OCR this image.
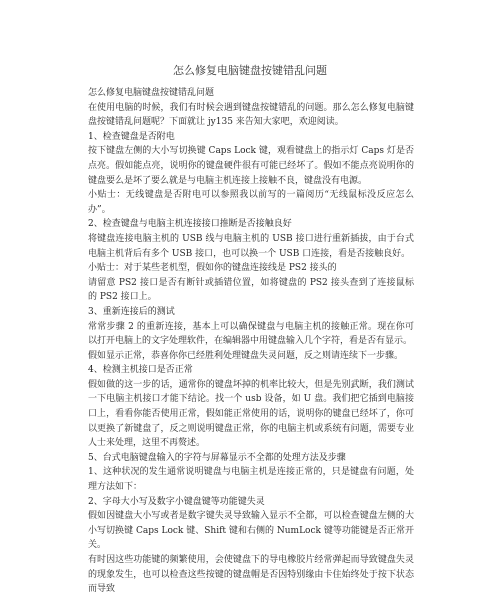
怎么修复电脑键盘按键错乱问题

怎么修复电脑键盘按键错乱问题

在使用电脑的时候，我们有时候会遇到键盘按键错乱的问题。那么怎么修复电脑键盘按键错乱问题呢？下面就让 jy135 来告知大家吧，欢迎阅读。

1、检查键盘是否附电

按下键盘左侧的大小写切换键 Caps Lock 键，观看键盘上的指示灯 Caps 灯是否点亮。假如能点亮，说明你的键盘硬件很有可能已经坏了。假如不能点亮说明你的键盘要么是坏了要么就是与电脑主机连接上接触不良，键盘没有电源。

小贴士：无线键盘是否附电可以参照我以前写的一篇阅历“无线鼠标没反应怎么办”。

2、检查键盘与电脑主机连接接口推断是否接触良好

将键盘连接电脑主机的 USB 线与电脑主机的 USB 接口进行重新插拔，由于台式电脑主机背后有多个 USB 接口，也可以换一个 USB 口连接，看是否接触良好。

小贴士：对于某些老机型，假如你的键盘连接线是 PS2 接头的

请留意 PS2 接口是否有断针或插错位置，如将键盘的 PS2 接头查到了连接鼠标的 PS2 接口上。

3、重新连接后的测试

常常步骤 2 的重新连接，基本上可以确保键盘与电脑主机的接触正常。现在你可以打开电脑上的文字处理软件，在编辑器中用键盘输入几个字符，看是否有显示。

假如显示正常，恭喜你你已经胜利处理键盘失灵问题，反之则请连续下一步骤。

4、检测主机接口是否正常

假如做的这一步的话，通常你的键盘坏掉的机率比较大，但是先别武断，我们测试一下电脑主机接口才能下结论。找一个 usb 设备，如 U 盘。我们把它插到电脑接口上，看看你能否使用正常，假如能正常使用的话，说明你的键盘已经坏了，你可以更换了新键盘了，反之则说明键盘正常，你的电脑主机或系统有问题，需要专业人士来处理，这里不再赘述。

5、台式电脑键盘输入的字符与屏幕显示不全都的处理方法及步骤

1、这种状况的发生通常说明键盘与电脑主机是连接正常的，只是键盘有问题，处理方法如下：

2、字母大小写及数字小键盘键等功能键失灵

假如因键盘大小写或者是数字键失灵导致输入显示不全都，可以检查键盘左侧的大小写切换键 Caps Lock 键、Shift 键和右侧的 NumLock 键等功能键是否正常开关。

有时因这些功能键的频繁使用，会使键盘下的导电橡胶片经常弹起而导致键盘失灵的现象发生，也可以检查这些按键的键盘帽是否因特别缘由卡住始终处于按下状态而导致
